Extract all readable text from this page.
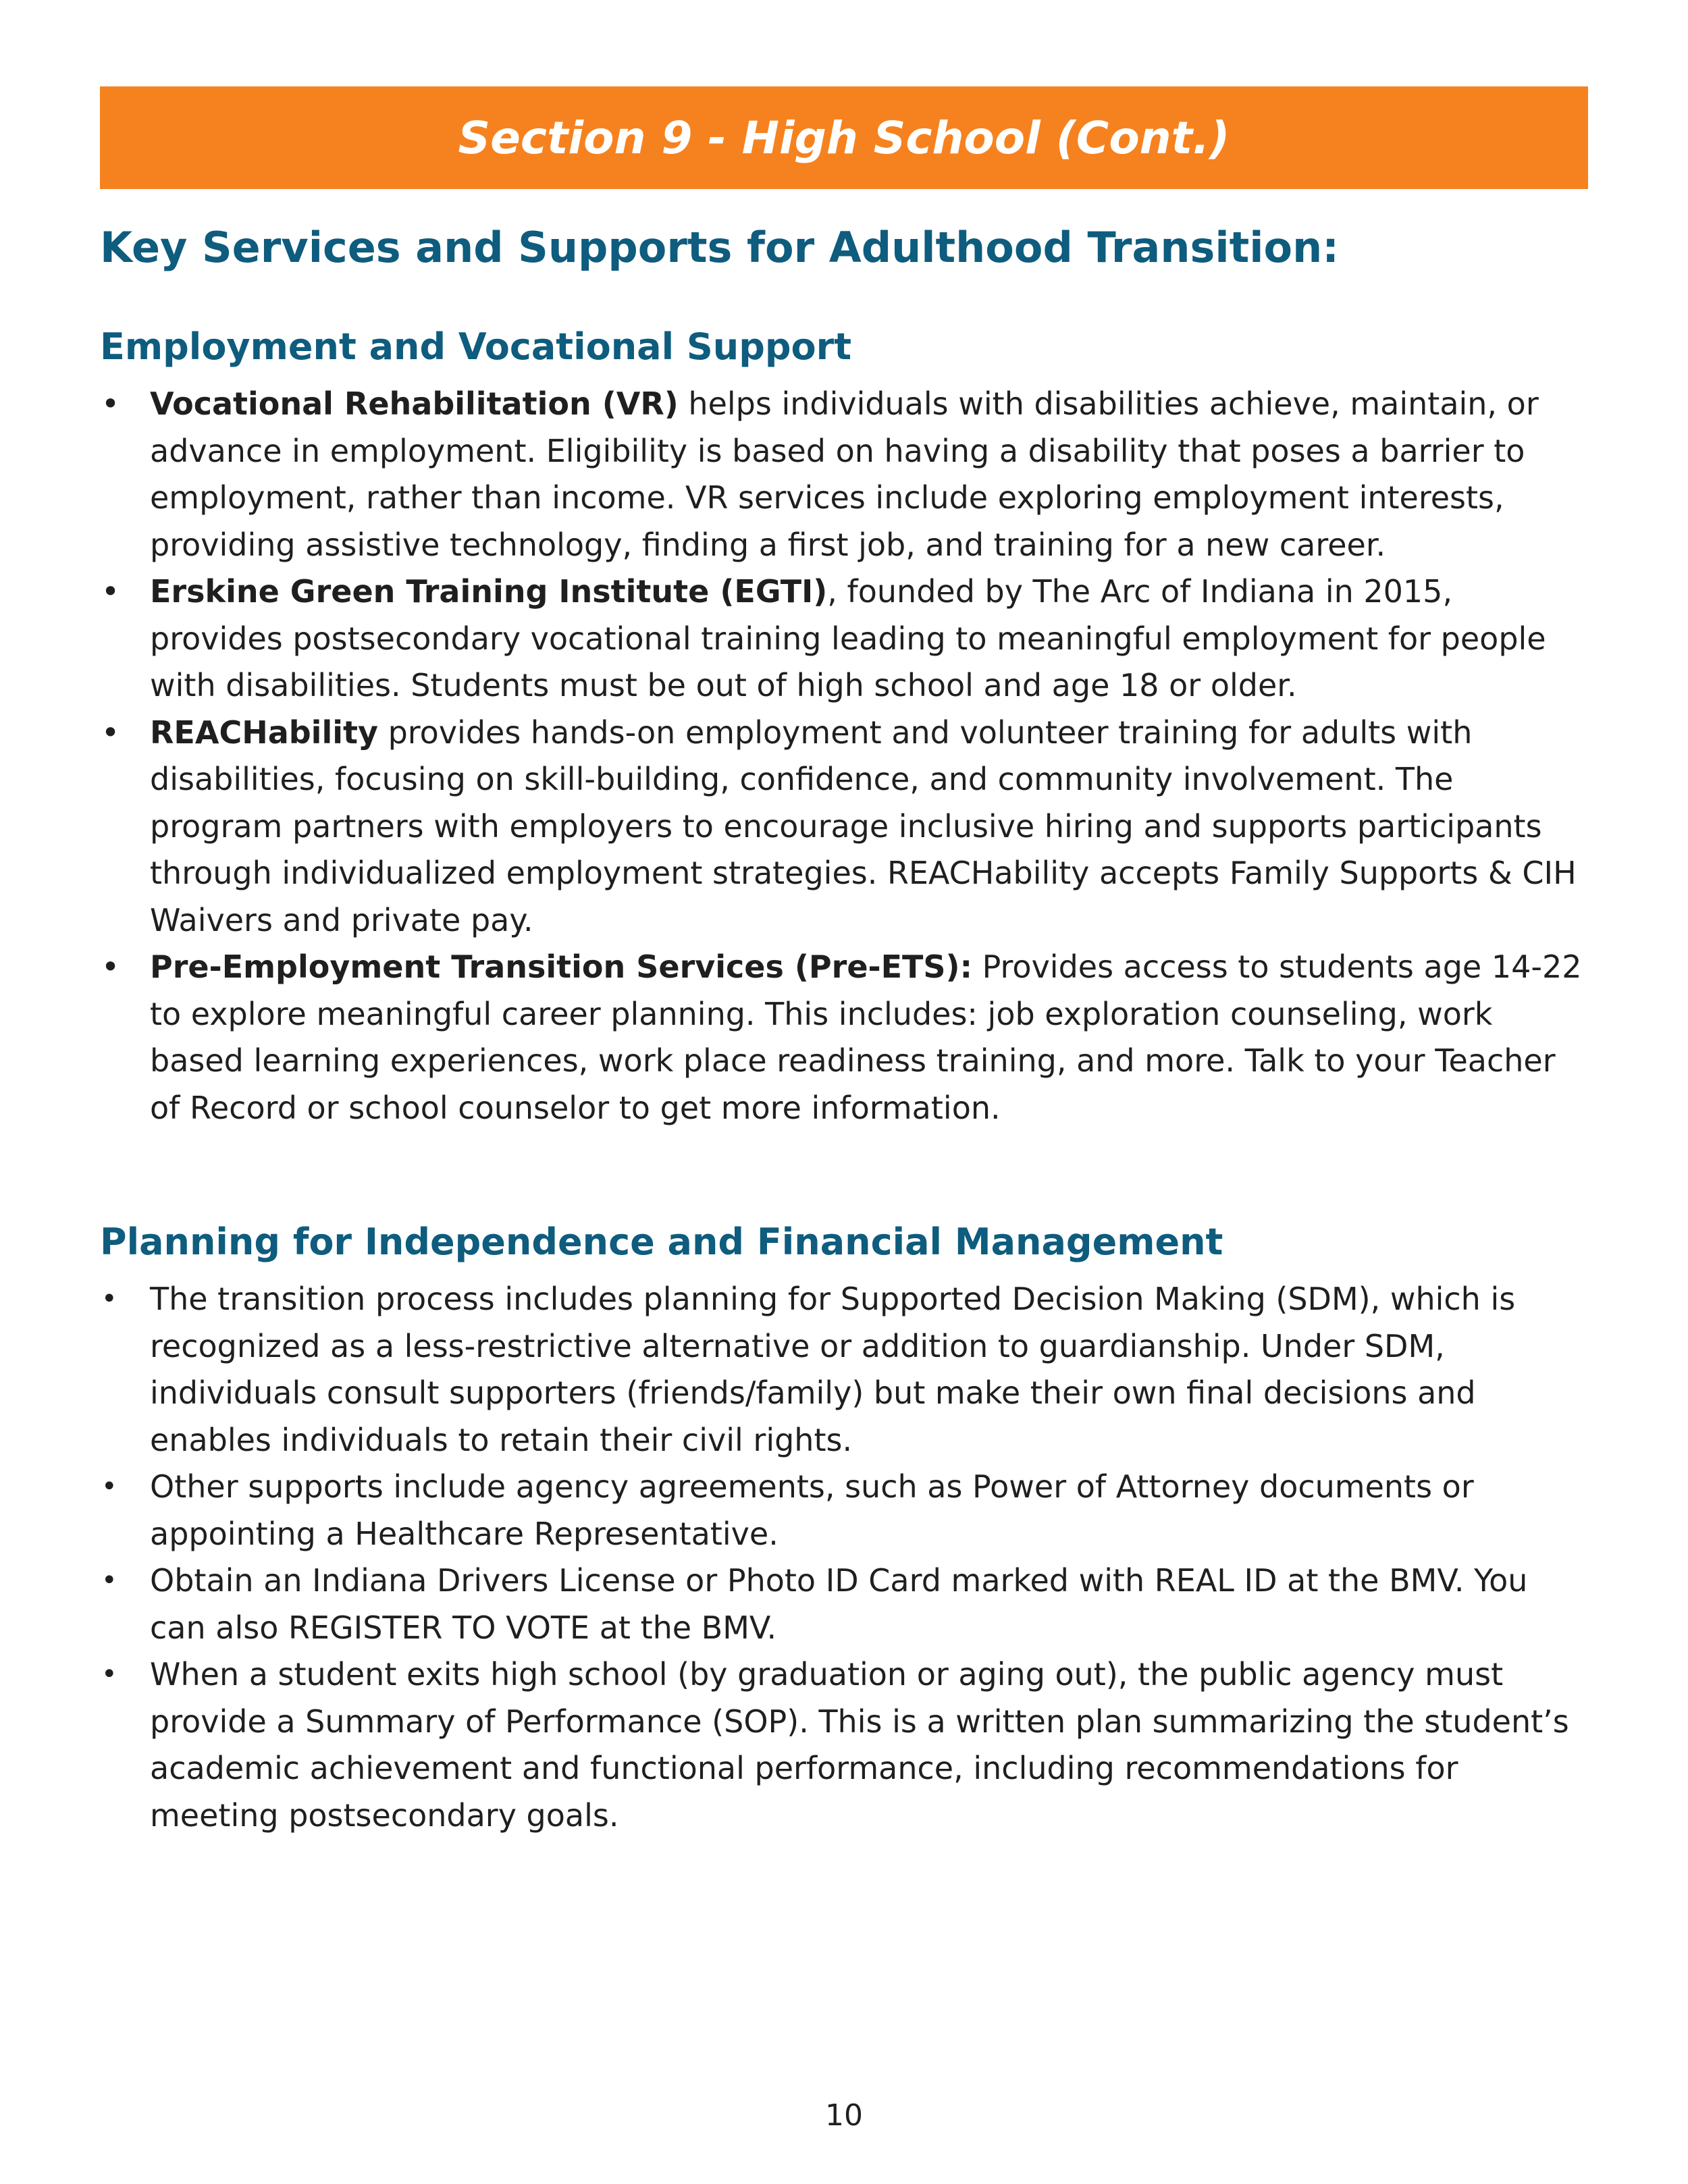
Section 9 - High School (Cont.)
Key Services and Supports for Adulthood Transition:
Employment and Vocational Support
• Vocational Rehabilitation (VR) helps individuals with disabilities achieve, maintain, or advance in employment. Eligibility is based on having a disability that poses a barrier to employment, rather than income. VR services include exploring employment interests, providing assistive technology, finding a first job, and training for a new career.
• Erskine Green Training Institute (EGTI), founded by The Arc of Indiana in 2015, provides postsecondary vocational training leading to meaningful employment for people with disabilities. Students must be out of high school and age 18 or older.
• REACHability provides hands-on employment and volunteer training for adults with disabilities, focusing on skill-building, confidence, and community involvement. The program partners with employers to encourage inclusive hiring and supports participants through individualized employment strategies. REACHability accepts Family Supports & CIH Waivers and private pay.
• Pre-Employment Transition Services (Pre-ETS): Provides access to students age 14-22 to explore meaningful career planning. This includes: job exploration counseling, work based learning experiences, work place readiness training, and more. Talk to your Teacher of Record or school counselor to get more information.
Planning for Independence and Financial Management
• The transition process includes planning for Supported Decision Making (SDM), which is recognized as a less-restrictive alternative or addition to guardianship. Under SDM, individuals consult supporters (friends/family) but make their own final decisions and enables individuals to retain their civil rights.
• Other supports include agency agreements, such as Power of Attorney documents or appointing a Healthcare Representative.
• Obtain an Indiana Drivers License or Photo ID Card marked with REAL ID at the BMV. You can also REGISTER TO VOTE at the BMV.
• When a student exits high school (by graduation or aging out), the public agency must provide a Summary of Performance (SOP). This is a written plan summarizing the student’s academic achievement and functional performance, including recommendations for meeting postsecondary goals.
10
